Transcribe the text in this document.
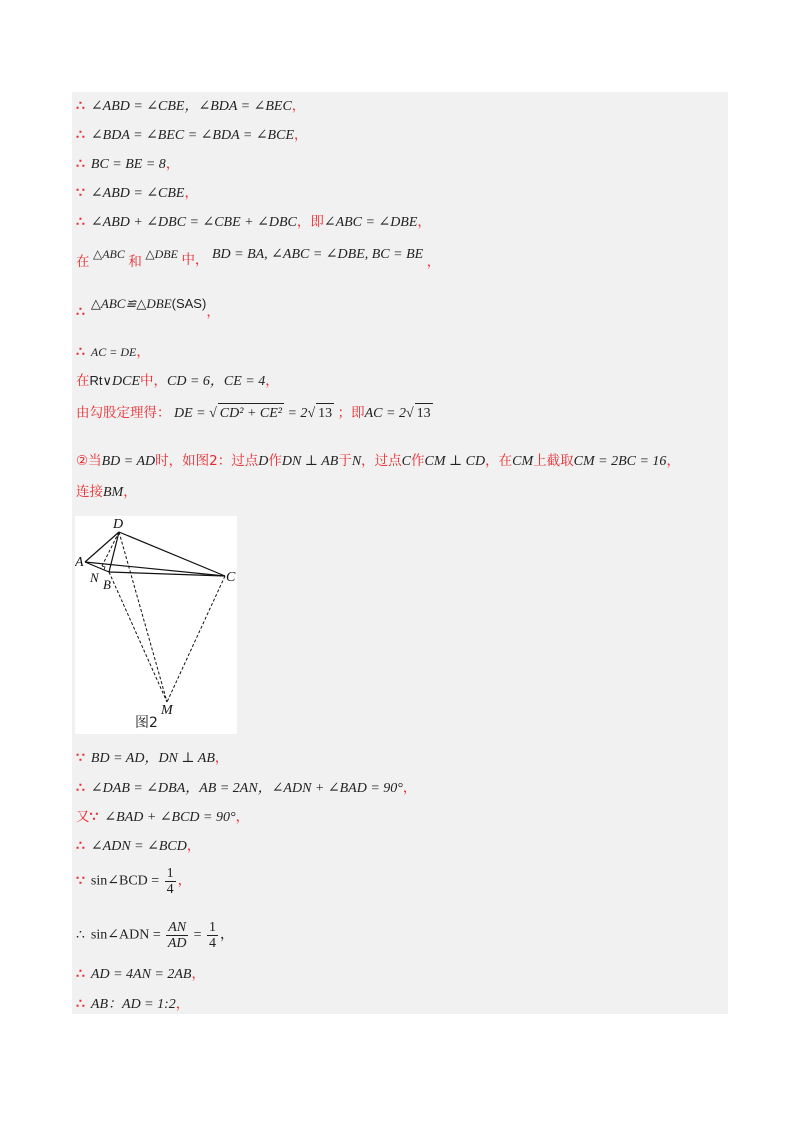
∴ ∠ABD = ∠CBE，∠BDA = ∠BEC，
∴ ∠BDA = ∠BEC = ∠BDA = ∠BCE，
∴ BC = BE = 8，
∵ ∠ABD = ∠CBE，
∴ ∠ABD + ∠DBC = ∠CBE + ∠DBC，即∠ABC = ∠DBE，
在 △ABC 和 △DBE 中， BD = BA, ∠ABC = ∠DBE, BC = BE ，
∴△ABC≌△DBE(SAS)，
∴ AC = DE，
在Rt∨DCE中，CD = 6，CE = 4，
由勾股定理得： DE = √ CD² + CE² = 2√ 13 ；即AC = 2√ 13
②当BD = AD时，如图2：过点D作DN ⊥ AB于N，过点C作CM ⊥ CD，在CM上截取CM = 2BC = 16，
连接BM，
D
A
N B	C
M
图2
∵ BD = AD，DN ⊥ AB，
∴ ∠DAB = ∠DBA，AB = 2AN，∠ADN + ∠BAD = 90°，
又∵ ∠BAD + ∠BCD = 90°，
∴ ∠ADN = ∠BCD，
∵ sin∠BCD = $\frac{1}{4}$ ，
∴ sin∠ADN = $\frac{AN}{AD} = \frac{1}{4}$ ，
∴ AD = 4AN = 2AB，
∴ AB：AD = 1:2，
